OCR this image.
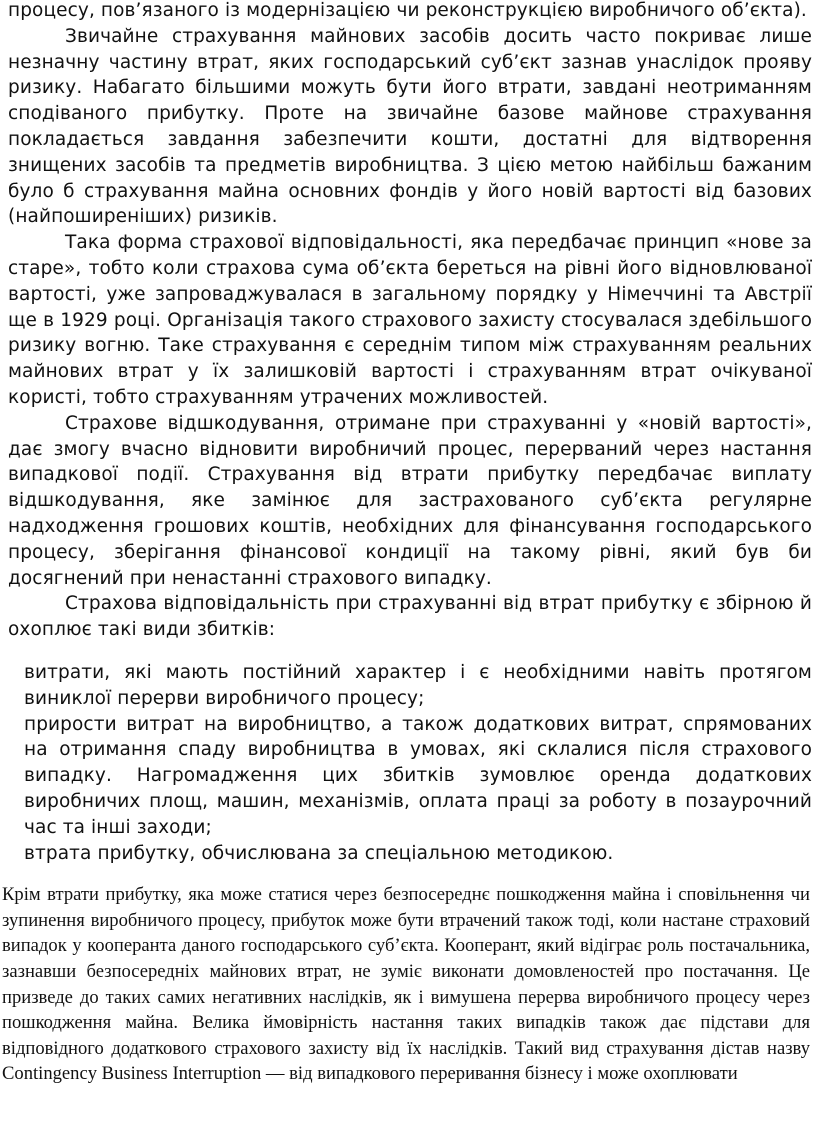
процесу, пов’язаного із модернізацією чи реконструкцією виробничого об’єкта).

Звичайне страхування майнових засобів досить часто покриває лише незначну частину втрат, яких господарський суб’єкт зазнав унаслідок прояву ризику. Набагато більшими можуть бути його втрати, завдані неотриманням сподіваного прибутку. Проте на звичайне базове майнове страхування покладається завдання забезпечити кошти, достатні для відтворення знищених засобів та предметів виробництва. З цією метою найбільш бажаним було б страхування майна основних фондів у його новій вартості від базових (найпоширеніших) ризиків.

Така форма страхової відповідальності, яка передбачає принцип «нове за старе», тобто коли страхова сума об’єкта береться на рівні його відновлюваної вартості, уже запроваджувалася в загальному порядку у Німеччині та Австрії ще в 1929 році. Організація такого страхового захисту стосувалася здебільшого ризику вогню. Таке страхування є середнім типом між страхуванням реальних майнових втрат у їх залишковій вартості і страхуванням втрат очікуваної користі, тобто страхуванням утрачених можливостей.

Страхове відшкодування, отримане при страхуванні у «новій вартості», дає змогу вчасно відновити виробничий процес, перерваний через настання випадкової події. Страхування від втрати прибутку передбачає виплату відшкодування, яке замінює для застрахованого суб’єкта регулярне надходження грошових коштів, необхідних для фінансування господарського процесу, зберігання фінансової кондиції на такому рівні, який був би досягнений при ненастанні страхового випадку.

Страхова відповідальність при страхуванні від втрат прибутку є збірною й охоплює такі види збитків:

витрати, які мають постійний характер і є необхідними навіть протягом виниклої перерви виробничого процесу;

прирости витрат на виробництво, а також додаткових витрат, спрямованих на отримання спаду виробництва в умовах, які склалися після страхового випадку. Нагромадження цих збитків зумовлює оренда додаткових виробничих площ, машин, механізмів, оплата праці за роботу в позаурочний час та інші заходи;

втрата прибутку, обчислювана за спеціальною методикою.

Крім втрати прибутку, яка може статися через безпосереднє пошкодження майна і сповільнення чи зупинення виробничого процесу, прибуток може бути втрачений також тоді, коли настане страховий випадок у кооперанта даного господарського суб’єкта. Кооперант, який відіграє роль постачальника, зазнавши безпосередніх майнових втрат, не зуміє виконати домовленостей про постачання. Це призведе до таких самих негативних наслідків, як і вимушена перерва виробничого процесу через пошкодження майна. Велика ймовірність настання таких випадків також дає підстави для відповідного додаткового страхового захисту від їх наслідків. Такий вид страхування дістав назву Contingency Business Interruption — від випадкового переривання бізнесу і може охоплювати
